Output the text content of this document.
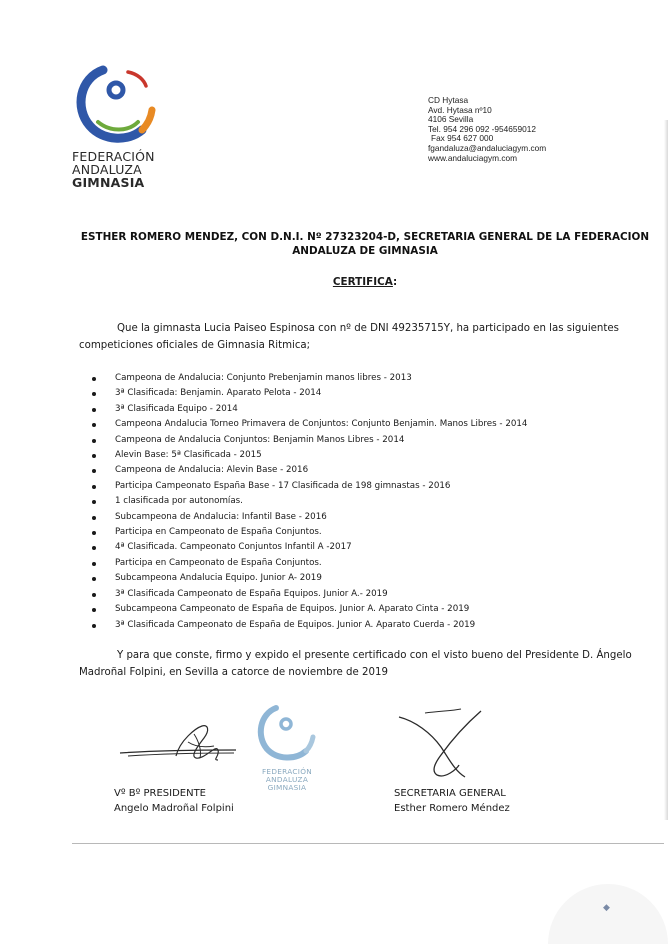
FEDERACIÓN
ANDALUZA
GIMNASIA
CD Hytasa
Avd. Hytasa nº10
4106 Sevilla
Tel. 954 296 092 -954659012
Fax 954 627 000
fgandaluza@andaluciagym.com
www.andaluciagym.com
ESTHER ROMERO MENDEZ, CON D.N.I. Nº 27323204-D, SECRETARIA GENERAL DE LA FEDERACION
ANDALUZA DE GIMNASIA
CERTIFICA:
Que la gimnasta Lucia Paiseo Espinosa con nº de DNI 49235715Y, ha participado en las siguientes
competiciones oficiales de Gimnasia Ritmica;
Campeona de Andalucia: Conjunto Prebenjamin manos libres - 2013
3ª Clasificada: Benjamin. Aparato Pelota - 2014
3ª Clasificada Equipo - 2014
Campeona Andalucia Torneo Primavera de Conjuntos: Conjunto Benjamin. Manos Libres - 2014
Campeona de Andalucia Conjuntos: Benjamin Manos Libres - 2014
Alevin Base: 5ª Clasificada - 2015
Campeona de Andalucia: Alevin Base - 2016
Participa Campeonato España Base - 17 Clasificada de 198 gimnastas - 2016
1 clasificada por autonomías.
Subcampeona de Andalucia: Infantil Base - 2016
Participa en Campeonato de España Conjuntos.
4ª Clasificada. Campeonato Conjuntos Infantil A -2017
Participa en Campeonato de España Conjuntos.
Subcampeona Andalucia Equipo. Junior A- 2019
3ª Clasificada Campeonato de España Equipos. Junior A.- 2019
Subcampeona Campeonato de España de Equipos. Junior A. Aparato Cinta - 2019
3ª Clasificada Campeonato de España de Equipos. Junior A. Aparato Cuerda - 2019
Y para que conste, firmo y expido el presente certificado con el visto bueno del Presidente D. Ángelo
Madroñal Folpini, en Sevilla a catorce de noviembre de 2019
FEDERACIÓN
ANDALUZA
GIMNASIA
Vº Bº PRESIDENTE
Angelo Madroñal Folpini
SECRETARIA GENERAL
Esther Romero Méndez
◆
